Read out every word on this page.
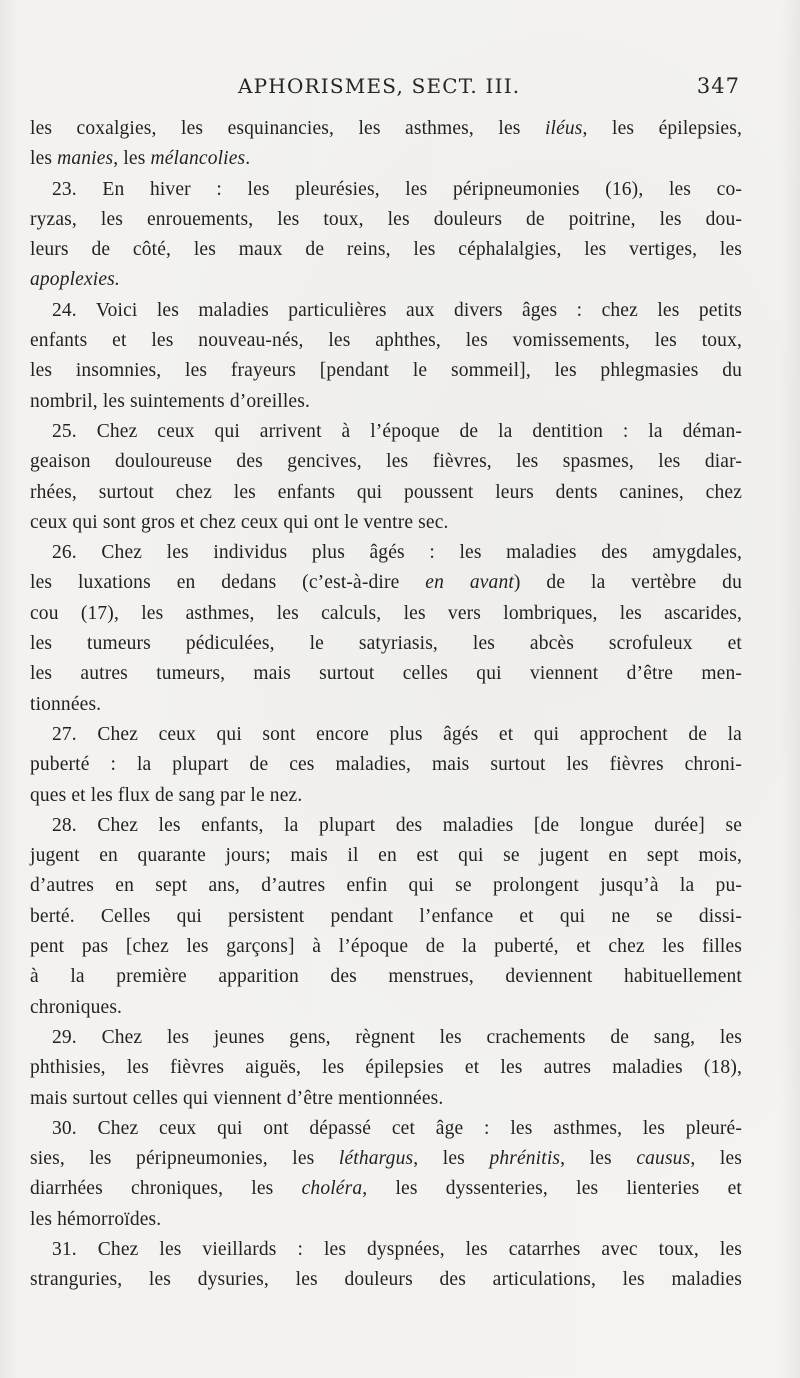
APHORISMES, SECT. III.	347
les coxalgies, les esquinancies, les asthmes, les iléus, les épilepsies,
les manies, les mélancolies.
23. En hiver : les pleurésies, les péripneumonies (16), les co-
ryzas, les enrouements, les toux, les douleurs de poitrine, les dou-
leurs de côté, les maux de reins, les céphalalgies, les vertiges, les
apoplexies.
24. Voici les maladies particulières aux divers âges : chez les petits
enfants et les nouveau-nés, les aphthes, les vomissements, les toux,
les insomnies, les frayeurs [pendant le sommeil], les phlegmasies du
nombril, les suintements d’oreilles.
25. Chez ceux qui arrivent à l’époque de la dentition : la déman-
geaison douloureuse des gencives, les fièvres, les spasmes, les diar-
rhées, surtout chez les enfants qui poussent leurs dents canines, chez
ceux qui sont gros et chez ceux qui ont le ventre sec.
26. Chez les individus plus âgés : les maladies des amygdales,
les luxations en dedans (c’est-à-dire en avant) de la vertèbre du
cou (17), les asthmes, les calculs, les vers lombriques, les ascarides,
les tumeurs pédiculées, le satyriasis, les abcès scrofuleux et
les autres tumeurs, mais surtout celles qui viennent d’être men-
tionnées.
27. Chez ceux qui sont encore plus âgés et qui approchent de la
puberté : la plupart de ces maladies, mais surtout les fièvres chroni-
ques et les flux de sang par le nez.
28. Chez les enfants, la plupart des maladies [de longue durée] se
jugent en quarante jours; mais il en est qui se jugent en sept mois,
d’autres en sept ans, d’autres enfin qui se prolongent jusqu’à la pu-
berté. Celles qui persistent pendant l’enfance et qui ne se dissi-
pent pas [chez les garçons] à l’époque de la puberté, et chez les filles
à la première apparition des menstrues, deviennent habituellement
chroniques.
29. Chez les jeunes gens, règnent les crachements de sang, les
phthisies, les fièvres aiguës, les épilepsies et les autres maladies (18),
mais surtout celles qui viennent d’être mentionnées.
30. Chez ceux qui ont dépassé cet âge : les asthmes, les pleuré-
sies, les péripneumonies, les léthargus, les phrénitis, les causus, les
diarrhées chroniques, les choléra, les dyssenteries, les lienteries et
les hémorroïdes.
31. Chez les vieillards : les dyspnées, les catarrhes avec toux, les
stranguries, les dysuries, les douleurs des articulations, les maladies
